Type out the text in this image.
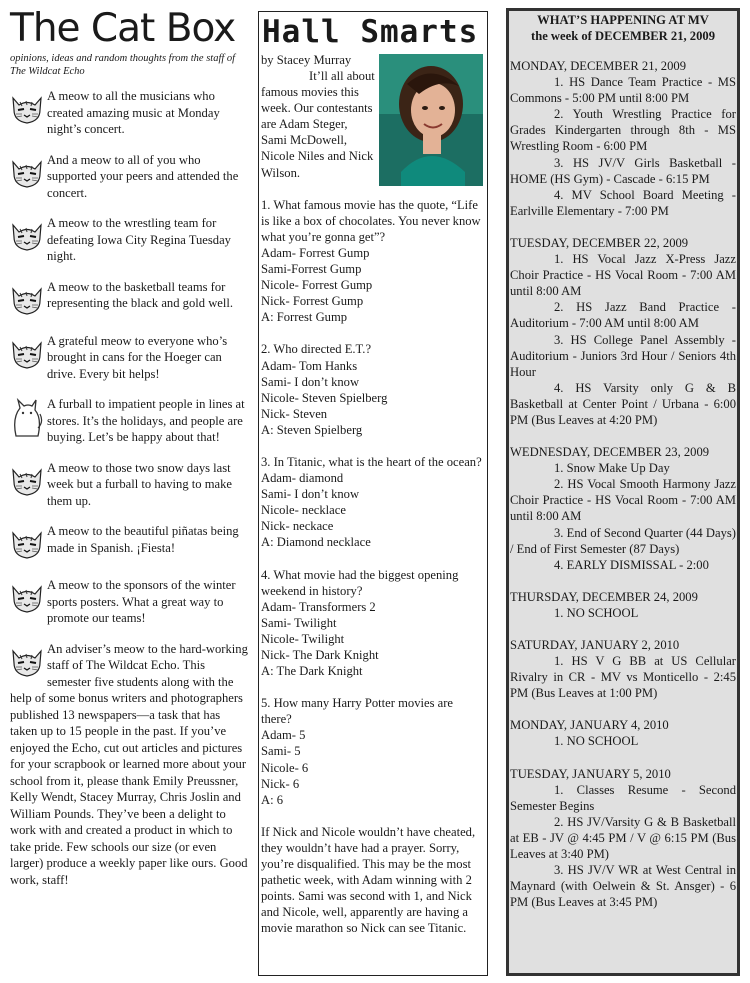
The Cat Box
opinions, ideas and random thoughts from the staff of The Wildcat Echo
A meow to all the musicians who created amazing music at Monday night’s concert.
And a meow to all of you who supported your peers and attended the concert.
A meow to the wrestling team for defeating Iowa City Regina Tuesday night.
A meow to the basketball teams for representing the black and gold well.
A grateful meow to everyone who’s brought in cans for the Hoeger can drive. Every bit helps!
A furball to impatient people in lines at stores. It’s the holidays, and people are buying. Let’s be happy about that!
A meow to those two snow days last week but a furball to having to make them up.
A meow to the beautiful piñatas being made in Spanish. ¡Fiesta!
A meow to the sponsors of the winter sports posters. What a great way to promote our teams!
An adviser’s meow to the hard-working staff of The Wildcat Echo. This semester five students along with the help of some bonus writers and photographers published 13 newspapers—a task that has taken up to 15 people in the past. If you’ve enjoyed the Echo, cut out articles and pictures for your scrapbook or learned more about your school from it, please thank Emily Preussner, Kelly Wendt, Stacey Murray, Chris Joslin and William Pounds. They’ve been a delight to work with and created a product in which to take pride. Few schools our size (or even larger) produce a weekly paper like ours. Good work, staff!
Hall Smarts
by Stacey Murray

It’ll all about famous movies this week. Our contestants are Adam Steger, Sami McDowell, Nicole Niles and Nick Wilson.

1. What famous movie has the quote, “Life is like a box of chocolates. You never know what you’re gonna get”?
Adam- Forrest Gump
Sami-Forrest Gump
Nicole- Forrest Gump
Nick- Forrest Gump
A: Forrest Gump
2. Who directed E.T.?
Adam- Tom Hanks
Sami- I don’t know
Nicole- Steven Spielberg
Nick- Steven
A: Steven Spielberg
3. In Titanic, what is the heart of the ocean?
Adam- diamond
Sami- I don’t know
Nicole- necklace
Nick- neckace
A: Diamond necklace
4. What movie had the biggest opening weekend in history?
Adam- Transformers 2
Sami- Twilight
Nicole- Twilight
Nick- The Dark Knight
A: The Dark Knight
5. How many Harry Potter movies are there?
Adam- 5
Sami- 5
Nicole- 6
Nick- 6
A: 6

If Nick and Nicole wouldn’t have cheated, they wouldn’t have had a prayer. Sorry, you’re disqualified. This may be the most pathetic week, with Adam winning with 2 points. Sami was second with 1, and Nick and Nicole, well, apparently are having a movie marathon so Nick can see Titanic.

WHAT’S HAPPENING AT MV
the week of DECEMBER 21, 2009
MONDAY, DECEMBER 21, 2009
1. HS Dance Team Practice - MS Commons - 5:00 PM until 8:00 PM
2. Youth Wrestling Practice for Grades Kindergarten through 8th - MS Wrestling Room - 6:00 PM
3. HS JV/V Girls Basketball - HOME (HS Gym) - Cascade - 6:15 PM
4. MV School Board Meeting - Earlville Elementary - 7:00 PM
TUESDAY, DECEMBER 22, 2009
1. HS Vocal Jazz X-Press Jazz Choir Practice - HS Vocal Room - 7:00 AM until 8:00 AM
2. HS Jazz Band Practice - Auditorium - 7:00 AM until 8:00 AM
3. HS College Panel Assembly - Auditorium - Juniors 3rd Hour / Seniors 4th Hour
4. HS Varsity only G & B Basketball at Center Point / Urbana - 6:00 PM (Bus Leaves at 4:20 PM)
WEDNESDAY, DECEMBER 23, 2009
1. Snow Make Up Day
2. HS Vocal Smooth Harmony Jazz Choir Practice - HS Vocal Room - 7:00 AM until 8:00 AM
3. End of Second Quarter (44 Days) / End of First Semester (87 Days)
4. EARLY DISMISSAL - 2:00
THURSDAY, DECEMBER 24, 2009
1. NO SCHOOL
SATURDAY, JANUARY 2, 2010
1. HS V G BB at US Cellular Rivalry in CR - MV vs Monticello - 2:45 PM (Bus Leaves at 1:00 PM)
MONDAY, JANUARY 4, 2010
1. NO SCHOOL
TUESDAY, JANUARY 5, 2010
1. Classes Resume - Second Semester Begins
2. HS JV/Varsity G & B Basketball at EB - JV @ 4:45 PM / V @ 6:15 PM (Bus Leaves at 3:40 PM)
3. HS JV/V WR at West Central in Maynard (with Oelwein & St. Ansger) - 6 PM (Bus Leaves at 3:45 PM)
